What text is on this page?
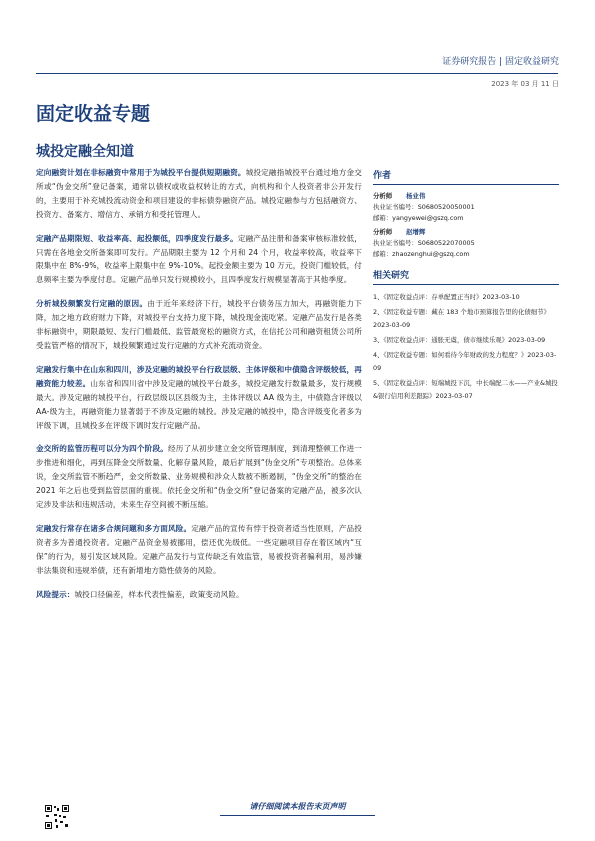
证券研究报告 | 固定收益研究
2023 年 03 月 11 日
固定收益专题
城投定融全知道

定向融资计划在非标融资中常用于为城投平台提供短期融资。城投定融指城投平台通过地方金交所或“伪金交所”登记备案，通常以债权或收益权转让的方式，向机构和个人投资者非公开发行的，主要用于补充城投流动资金和项目建设的非标债券融资产品。城投定融参与方包括融资方、投资方、备案方、增信方、承销方和受托管理人。

定融产品期限短、收益率高、起投额低，四季度发行最多。定融产品注册和备案审核标准较低，只需在各地金交所备案即可发行。产品期限主要为 12 个月和 24 个月，收益率较高，收益率下限集中在 8%-9%，收益率上限集中在 9%-10%。起投金额主要为 10 万元，投资门槛较低，付息频率主要为季度付息。定融产品单只发行规模较小，且四季度发行规模显著高于其他季度。

分析城投频繁发行定融的原因。由于近年来经济下行，城投平台债务压力加大，再融资能力下降，加之地方政府财力下降，对城投平台支持力度下降，城投现金流吃紧。定融产品发行是各类非标融资中，期限最短、发行门槛最低、监管最宽松的融资方式，在信托公司和融资租赁公司所受监管严格的情况下，城投频繁通过发行定融的方式补充流动资金。

定融发行集中在山东和四川，涉及定融的城投平台行政层级、主体评级和中债隐含评级较低，再融资能力较差。山东省和四川省中涉及定融的城投平台最多，城投定融发行数量最多，发行规模最大。涉及定融的城投平台，行政层级以区县级为主，主体评级以 AA 级为主，中债隐含评级以 AA-级为主，再融资能力显著弱于不涉及定融的城投。涉及定融的城投中，隐含评级变化者多为评级下调，且城投多在评级下调时发行定融产品。

金交所的监管历程可以分为四个阶段。经历了从初步建立金交所管理制度，到清理整顿工作进一步推进和细化，再到压降金交所数量、化解存量风险，最后扩展到“伪金交所”专项整治。总体来说，金交所监管不断趋严，金交所数量、业务规模和涉众人数被不断遏制，“伪金交所”的整治在 2021 年之后也受到监管层面的重视。依托金交所和“伪金交所”登记备案的定融产品，被多次认定涉及非法和违规活动，未来生存空间被不断压缩。

定融发行常存在诸多合规问题和多方面风险。定融产品的宣传有悖于投资者适当性原则，产品投资者多为普通投资者。定融产品资金易被挪用，偿还优先级低。一些定融项目存在着区域内“互保”的行为，易引发区域风险。定融产品发行与宣传缺乏有效监管，易被投资者骗利用，易涉嫌非法集资和违规举债，还有新增地方隐性债务的风险。

风险提示：城投口径偏差，样本代表性偏差，政策变动风险。

作者
分析师 杨业伟
执业证书编号：S0680520050001
邮箱：yangyewei@gszq.com
分析师 赵增辉
执业证书编号：S0680522070005
邮箱：zhaozenghui@gszq.com
相关研究
1、《固定收益点评：存单配置正当时》2023-03-10
2、《固定收益专题：藏在 183 个地市预算报告里的化债细节》2023-03-09
3、《固定收益点评：通胀无虞，债市继续乐观》2023-03-09
4、《固定收益专题：如何看待今年财政的发力程度？》2023-03-09
5、《固定收益点评：短端城投下沉，中长端配二永——产业&城投&银行信用利差跟踪》2023-03-07
请仔细阅读本报告末页声明
